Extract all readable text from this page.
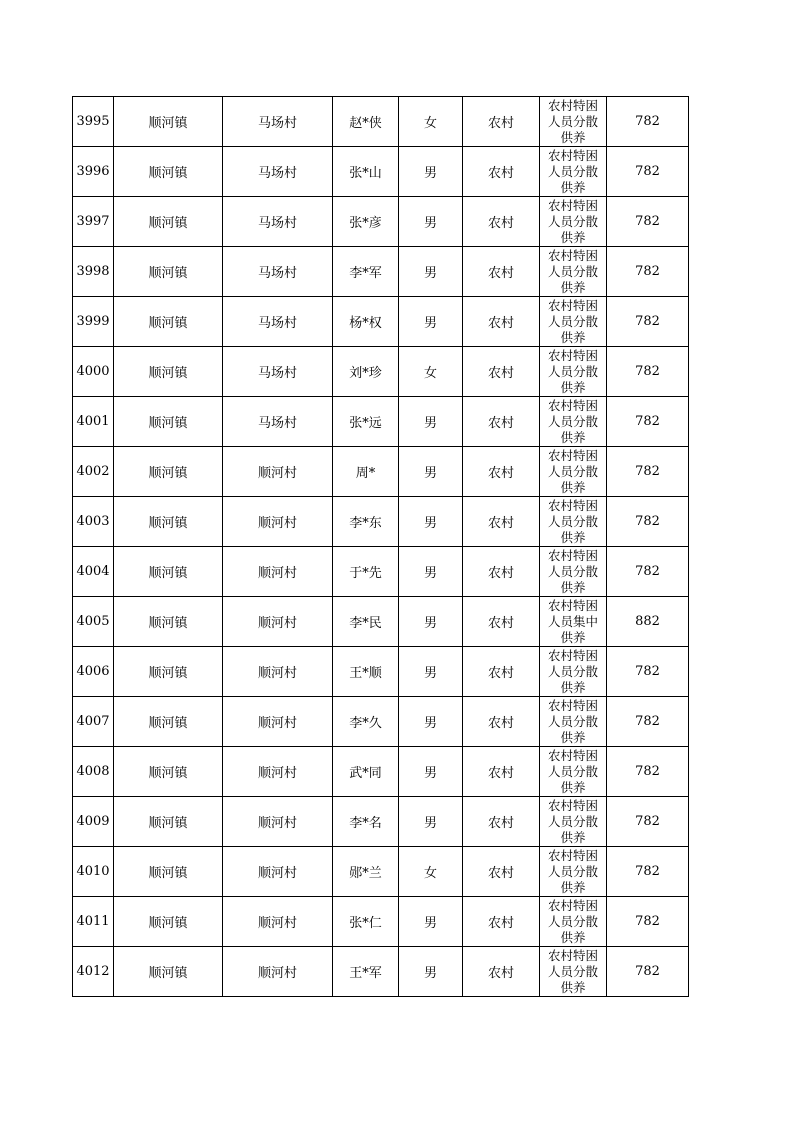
3995	顺河镇	马场村	赵*侠	女	农村	农村特困人员分散供养	782
3996	顺河镇	马场村	张*山	男	农村	农村特困人员分散供养	782
3997	顺河镇	马场村	张*彦	男	农村	农村特困人员分散供养	782
3998	顺河镇	马场村	李*军	男	农村	农村特困人员分散供养	782
3999	顺河镇	马场村	杨*权	男	农村	农村特困人员分散供养	782
4000	顺河镇	马场村	刘*珍	女	农村	农村特困人员分散供养	782
4001	顺河镇	马场村	张*远	男	农村	农村特困人员分散供养	782
4002	顺河镇	顺河村	周*	男	农村	农村特困人员分散供养	782
4003	顺河镇	顺河村	李*东	男	农村	农村特困人员分散供养	782
4004	顺河镇	顺河村	于*先	男	农村	农村特困人员分散供养	782
4005	顺河镇	顺河村	李*民	男	农村	农村特困人员集中供养	882
4006	顺河镇	顺河村	王*顺	男	农村	农村特困人员分散供养	782
4007	顺河镇	顺河村	李*久	男	农村	农村特困人员分散供养	782
4008	顺河镇	顺河村	武*同	男	农村	农村特困人员分散供养	782
4009	顺河镇	顺河村	李*名	男	农村	农村特困人员分散供养	782
4010	顺河镇	顺河村	郧*兰	女	农村	农村特困人员分散供养	782
4011	顺河镇	顺河村	张*仁	男	农村	农村特困人员分散供养	782
4012	顺河镇	顺河村	王*军	男	农村	农村特困人员分散供养	782
